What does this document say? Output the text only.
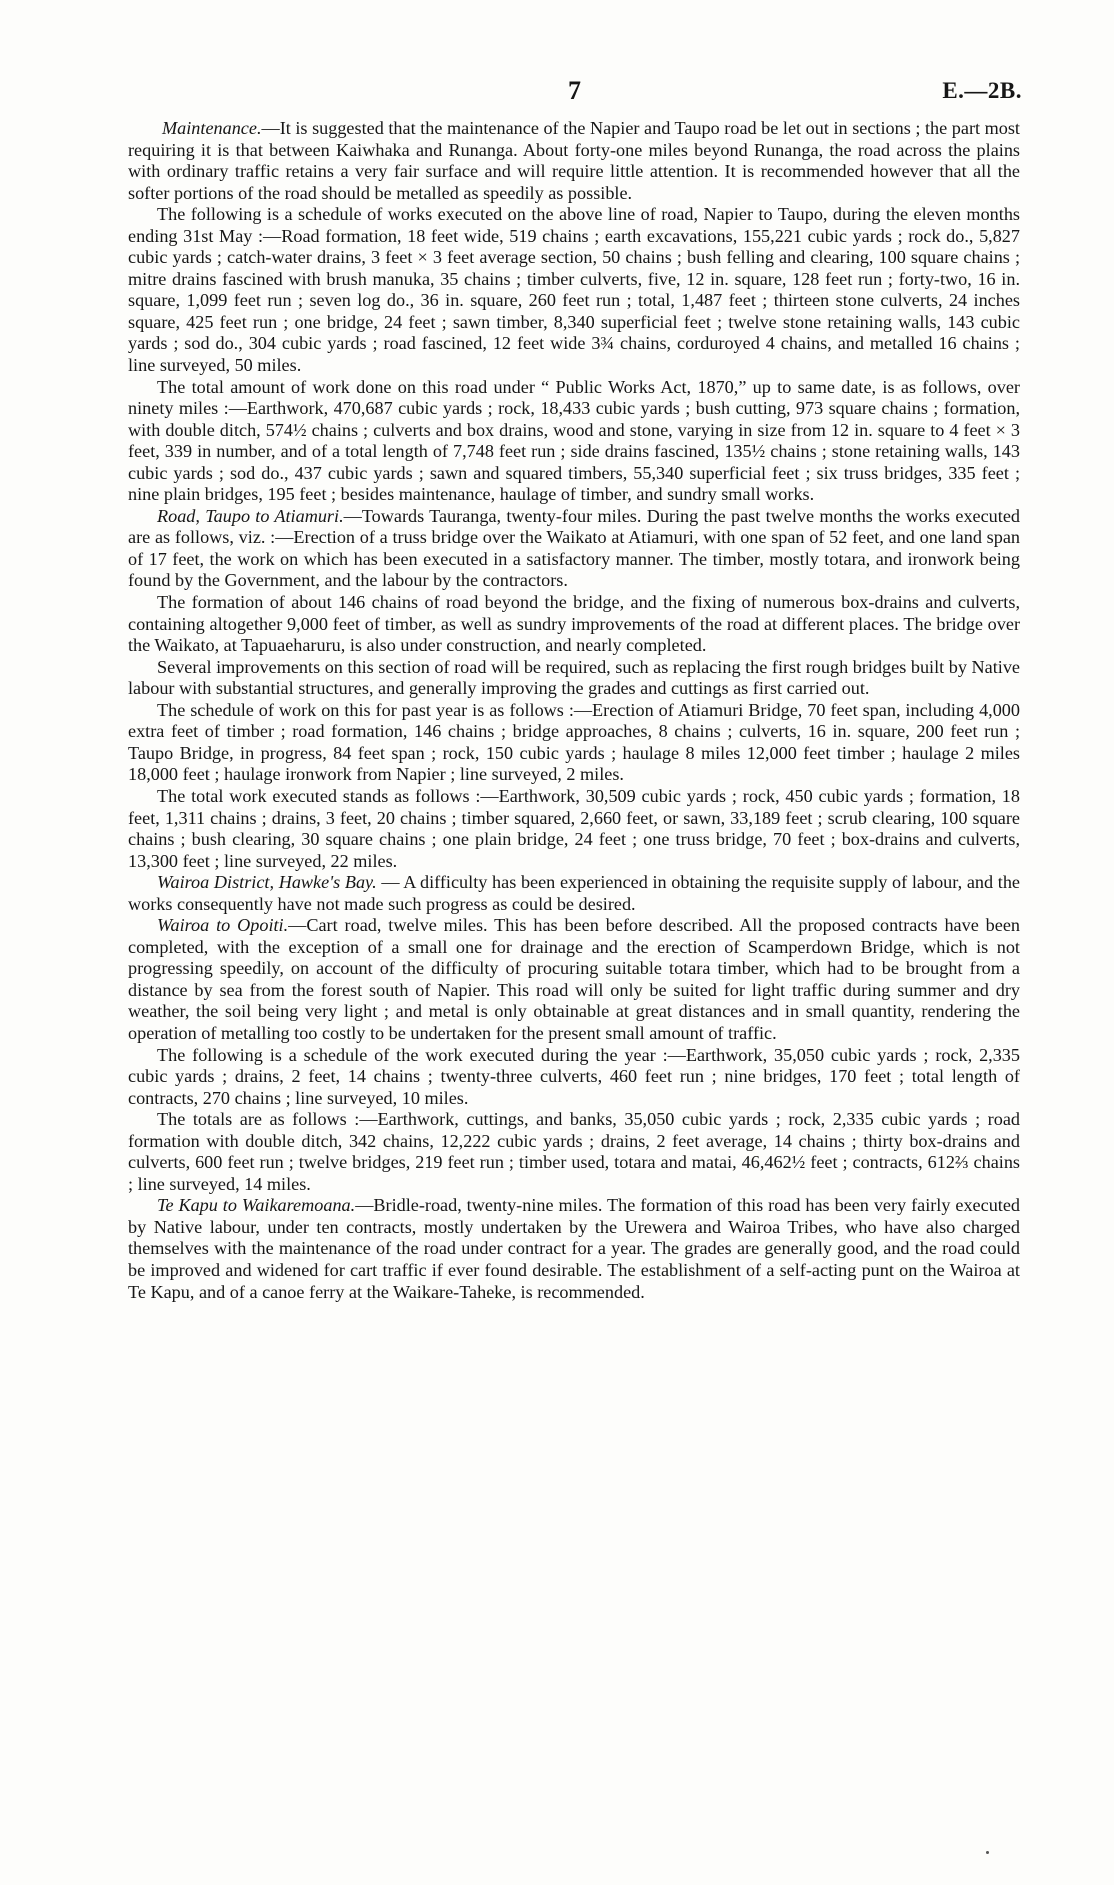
7	E.—2B.

Maintenance.—It is suggested that the maintenance of the Napier and Taupo road be let out in sections ; the part most requiring it is that between Kaiwhaka and Runanga. About forty-one miles beyond Runanga, the road across the plains with ordinary traffic retains a very fair surface and will require little attention. It is recommended however that all the softer portions of the road should be metalled as speedily as possible.

The following is a schedule of works executed on the above line of road, Napier to Taupo, during the eleven months ending 31st May :—Road formation, 18 feet wide, 519 chains ; earth excavations, 155,221 cubic yards ; rock do., 5,827 cubic yards ; catch-water drains, 3 feet × 3 feet average section, 50 chains ; bush felling and clearing, 100 square chains ; mitre drains fascined with brush manuka, 35 chains ; timber culverts, five, 12 in. square, 128 feet run ; forty-two, 16 in. square, 1,099 feet run ; seven log do., 36 in. square, 260 feet run ; total, 1,487 feet ; thirteen stone culverts, 24 inches square, 425 feet run ; one bridge, 24 feet ; sawn timber, 8,340 superficial feet ; twelve stone retaining walls, 143 cubic yards ; sod do., 304 cubic yards ; road fascined, 12 feet wide 3¾ chains, corduroyed 4 chains, and metalled 16 chains ; line surveyed, 50 miles.

The total amount of work done on this road under “ Public Works Act, 1870,” up to same date, is as follows, over ninety miles :—Earthwork, 470,687 cubic yards ; rock, 18,433 cubic yards ; bush cutting, 973 square chains ; formation, with double ditch, 574½ chains ; culverts and box drains, wood and stone, varying in size from 12 in. square to 4 feet × 3 feet, 339 in number, and of a total length of 7,748 feet run ; side drains fascined, 135½ chains ; stone retaining walls, 143 cubic yards ; sod do., 437 cubic yards ; sawn and squared timbers, 55,340 superficial feet ; six truss bridges, 335 feet ; nine plain bridges, 195 feet ; besides maintenance, haulage of timber, and sundry small works.

Road, Taupo to Atiamuri.—Towards Tauranga, twenty-four miles. During the past twelve months the works executed are as follows, viz. :—Erection of a truss bridge over the Waikato at Atiamuri, with one span of 52 feet, and one land span of 17 feet, the work on which has been executed in a satisfactory manner. The timber, mostly totara, and ironwork being found by the Government, and the labour by the contractors.

The formation of about 146 chains of road beyond the bridge, and the fixing of numerous box-drains and culverts, containing altogether 9,000 feet of timber, as well as sundry improvements of the road at different places. The bridge over the Waikato, at Tapuaeharuru, is also under construction, and nearly completed.

Several improvements on this section of road will be required, such as replacing the first rough bridges built by Native labour with substantial structures, and generally improving the grades and cuttings as first carried out.

The schedule of work on this for past year is as follows :—Erection of Atiamuri Bridge, 70 feet span, including 4,000 extra feet of timber ; road formation, 146 chains ; bridge approaches, 8 chains ; culverts, 16 in. square, 200 feet run ; Taupo Bridge, in progress, 84 feet span ; rock, 150 cubic yards ; haulage 8 miles 12,000 feet timber ; haulage 2 miles 18,000 feet ; haulage ironwork from Napier ; line surveyed, 2 miles.

The total work executed stands as follows :—Earthwork, 30,509 cubic yards ; rock, 450 cubic yards ; formation, 18 feet, 1,311 chains ; drains, 3 feet, 20 chains ; timber squared, 2,660 feet, or sawn, 33,189 feet ; scrub clearing, 100 square chains ; bush clearing, 30 square chains ; one plain bridge, 24 feet ; one truss bridge, 70 feet ; box-drains and culverts, 13,300 feet ; line surveyed, 22 miles.

Wairoa District, Hawke's Bay. — A difficulty has been experienced in obtaining the requisite supply of labour, and the works consequently have not made such progress as could be desired.

Wairoa to Opoiti.—Cart road, twelve miles. This has been before described. All the proposed contracts have been completed, with the exception of a small one for drainage and the erection of Scamperdown Bridge, which is not progressing speedily, on account of the difficulty of procuring suitable totara timber, which had to be brought from a distance by sea from the forest south of Napier. This road will only be suited for light traffic during summer and dry weather, the soil being very light ; and metal is only obtainable at great distances and in small quantity, rendering the operation of metalling too costly to be undertaken for the present small amount of traffic.

The following is a schedule of the work executed during the year :—Earthwork, 35,050 cubic yards ; rock, 2,335 cubic yards ; drains, 2 feet, 14 chains ; twenty-three culverts, 460 feet run ; nine bridges, 170 feet ; total length of contracts, 270 chains ; line surveyed, 10 miles.

The totals are as follows :—Earthwork, cuttings, and banks, 35,050 cubic yards ; rock, 2,335 cubic yards ; road formation with double ditch, 342 chains, 12,222 cubic yards ; drains, 2 feet average, 14 chains ; thirty box-drains and culverts, 600 feet run ; twelve bridges, 219 feet run ; timber used, totara and matai, 46,462½ feet ; contracts, 612⅔ chains ; line surveyed, 14 miles.

Te Kapu to Waikaremoana.—Bridle-road, twenty-nine miles. The formation of this road has been very fairly executed by Native labour, under ten contracts, mostly undertaken by the Urewera and Wairoa Tribes, who have also charged themselves with the maintenance of the road under contract for a year. The grades are generally good, and the road could be improved and widened for cart traffic if ever found desirable. The establishment of a self-acting punt on the Wairoa at Te Kapu, and of a canoe ferry at the Waikare-Taheke, is recommended.
